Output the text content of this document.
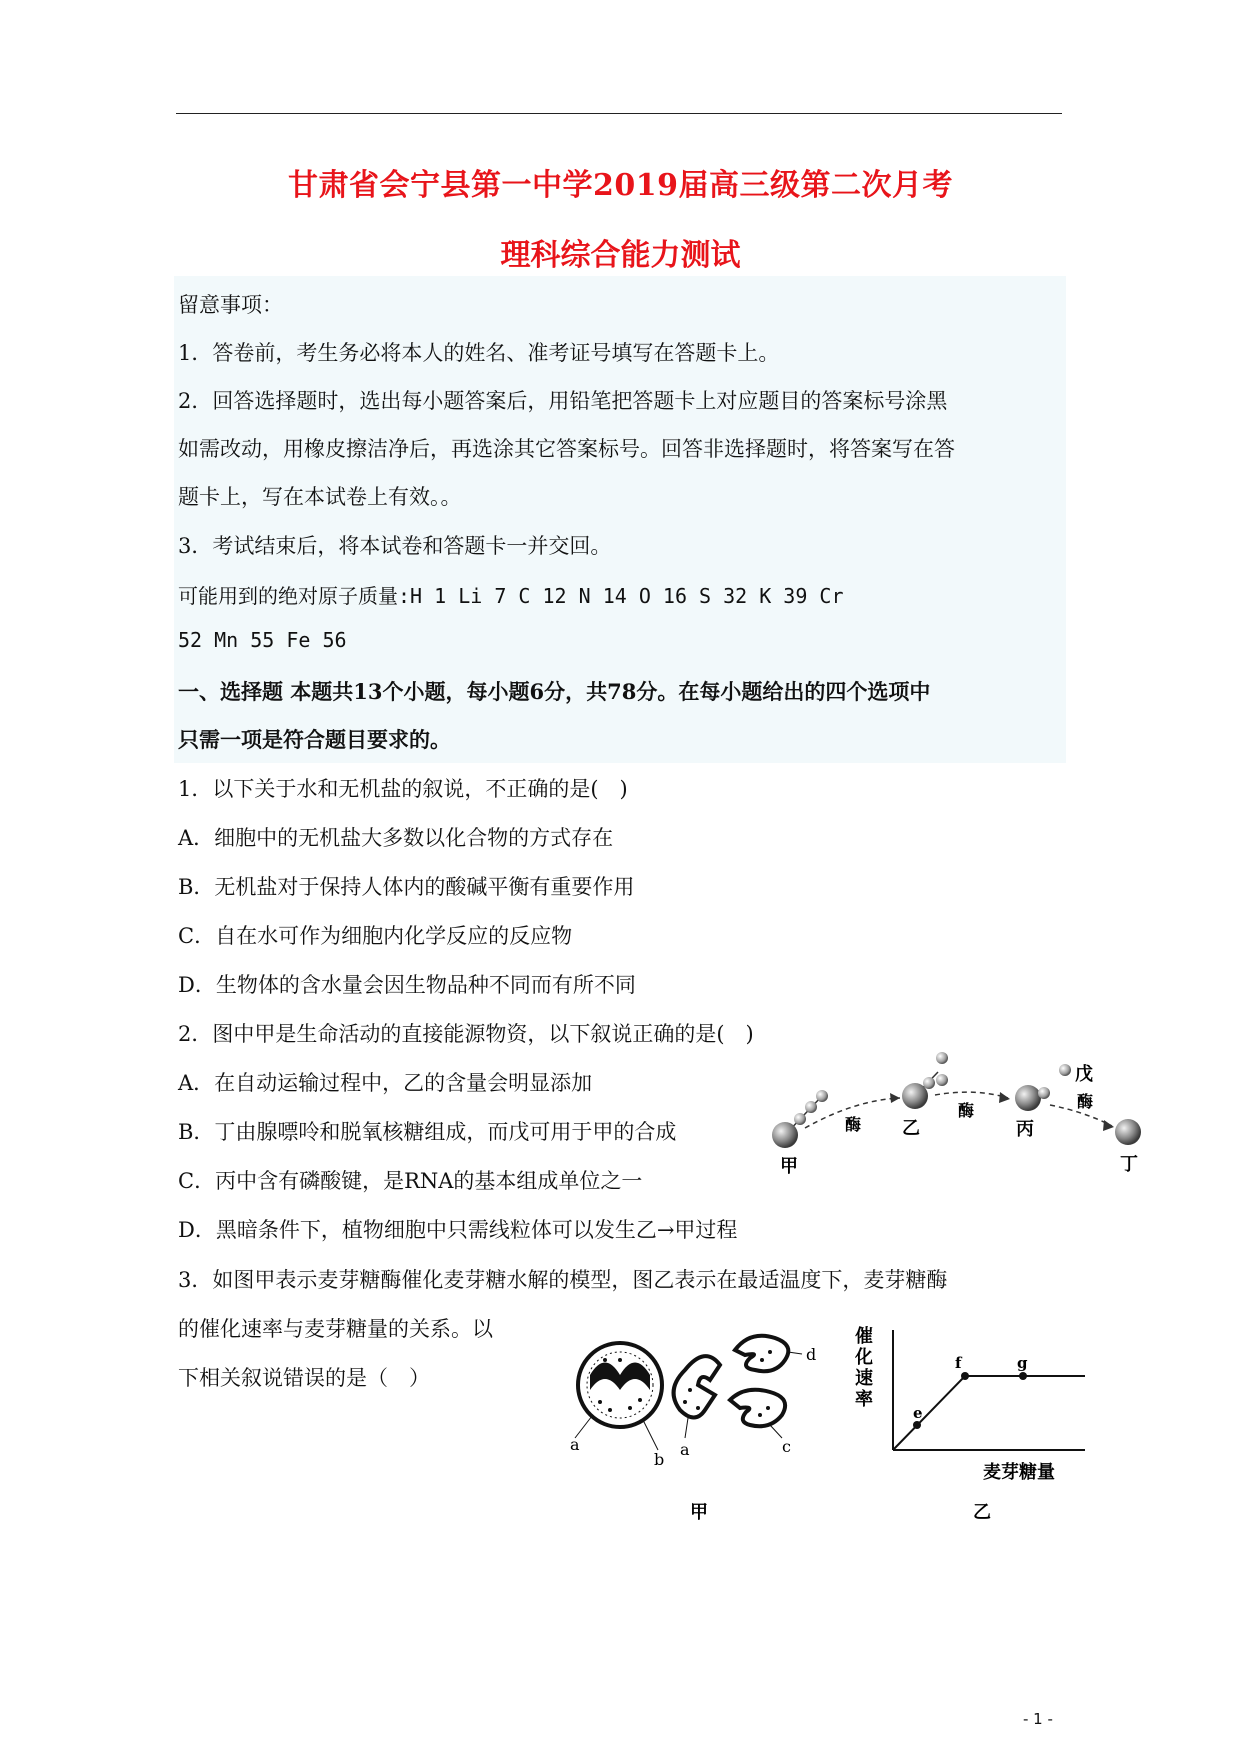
甘肃省会宁县第一中学2019届高三级第二次月考
理科综合能力测试
留意事项：
1．答卷前，考生务必将本人的姓名、准考证号填写在答题卡上。
2．回答选择题时，选出每小题答案后，用铅笔把答题卡上对应题目的答案标号涂黑
如需改动，用橡皮擦洁净后，再选涂其它答案标号。回答非选择题时，将答案写在答
题卡上，写在本试卷上有效。。
3．考试结束后，将本试卷和答题卡一并交回。
可能用到的绝对原子质量:H 1 Li 7 C 12 N 14 O 16 S 32 K 39 Cr
52 Mn 55 Fe 56
一、选择题 本题共13个小题，每小题6分，共78分。在每小题给出的四个选项中
只需一项是符合题目要求的。
1．以下关于水和无机盐的叙说，不正确的是(　)
A．细胞中的无机盐大多数以化合物的方式存在
B．无机盐对于保持人体内的酸碱平衡有重要作用
C．自在水可作为细胞内化学反应的反应物
D．生物体的含水量会因生物品种不同而有所不同
2．图中甲是生命活动的直接能源物资，以下叙说正确的是(　)
A．在自动运输过程中，乙的含量会明显添加
B．丁由腺嘌呤和脱氧核糖组成，而戊可用于甲的合成
C．丙中含有磷酸键，是RNA的基本组成单位之一
D．黑暗条件下，植物细胞中只需线粒体可以发生乙→甲过程
甲
酶 乙
酶
丙
戊
酶
丁
3．如图甲表示麦芽糖酶催化麦芽糖水解的模型，图乙表示在最适温度下，麦芽糖酶
的催化速率与麦芽糖量的关系。以
下相关叙说错误的是（　）
a
b
a	c
d
甲
催化速率
e
f	g
麦芽糖量
乙
- 1 -
